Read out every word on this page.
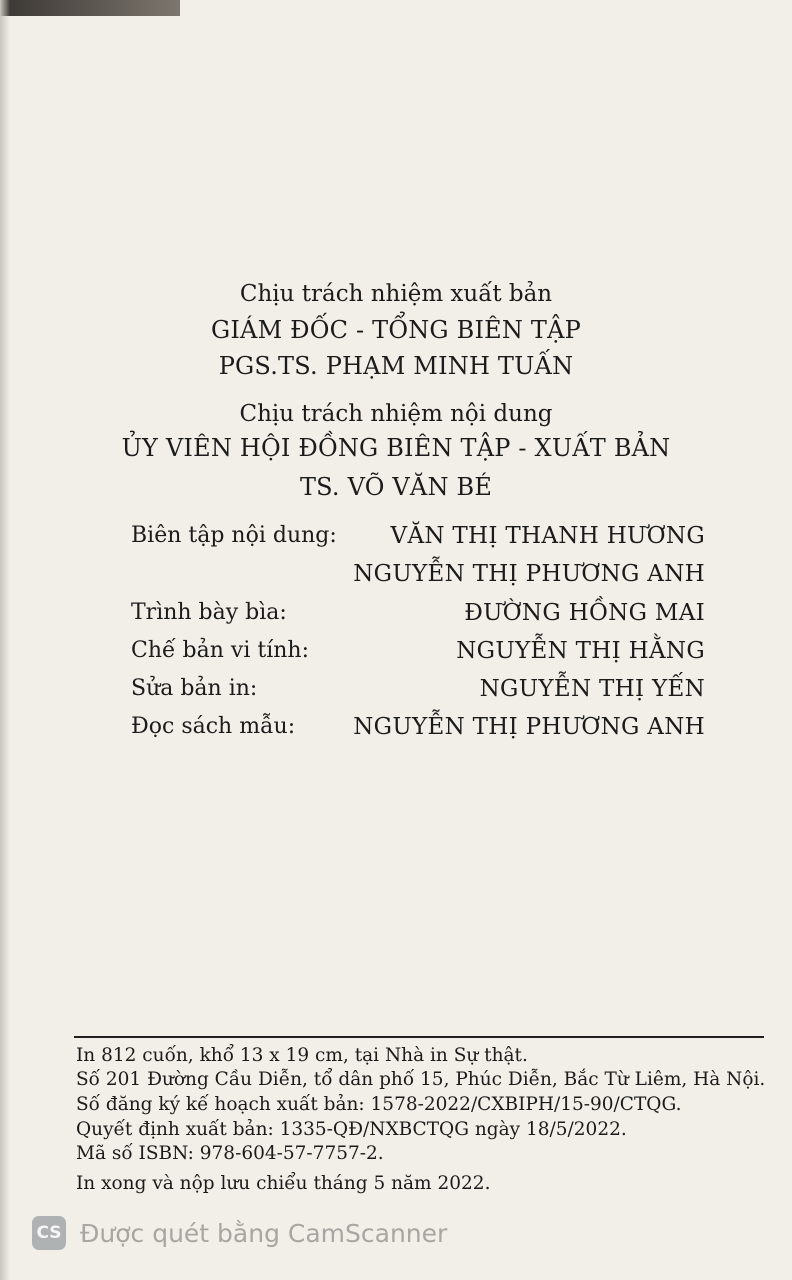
Chịu trách nhiệm xuất bản
GIÁM ĐỐC - TỔNG BIÊN TẬP
PGS.TS. PHẠM MINH TUẤN
Chịu trách nhiệm nội dung
ỦY VIÊN HỘI ĐỒNG BIÊN TẬP - XUẤT BẢN
TS. VÕ VĂN BÉ
Biên tập nội dung: VĂN THỊ THANH HƯƠNG
NGUYỄN THỊ PHƯƠNG ANH
Trình bày bìa:	ĐƯỜNG HỒNG MAI
Chế bản vi tính:	NGUYỄN THỊ HẰNG
Sửa bản in:	NGUYỄN THỊ YẾN
Đọc sách mẫu:	NGUYỄN THỊ PHƯƠNG ANH
In 812 cuốn, khổ 13 x 19 cm, tại Nhà in Sự thật.
Số 201 Đường Cầu Diễn, tổ dân phố 15, Phúc Diễn, Bắc Từ Liêm, Hà Nội.
Số đăng ký kế hoạch xuất bản: 1578-2022/CXBIPH/15-90/CTQG.
Quyết định xuất bản: 1335-QĐ/NXBCTQG ngày 18/5/2022.
Mã số ISBN: 978-604-57-7757-2.
In xong và nộp lưu chiểu tháng 5 năm 2022.
CS Được quét bằng CamScanner
